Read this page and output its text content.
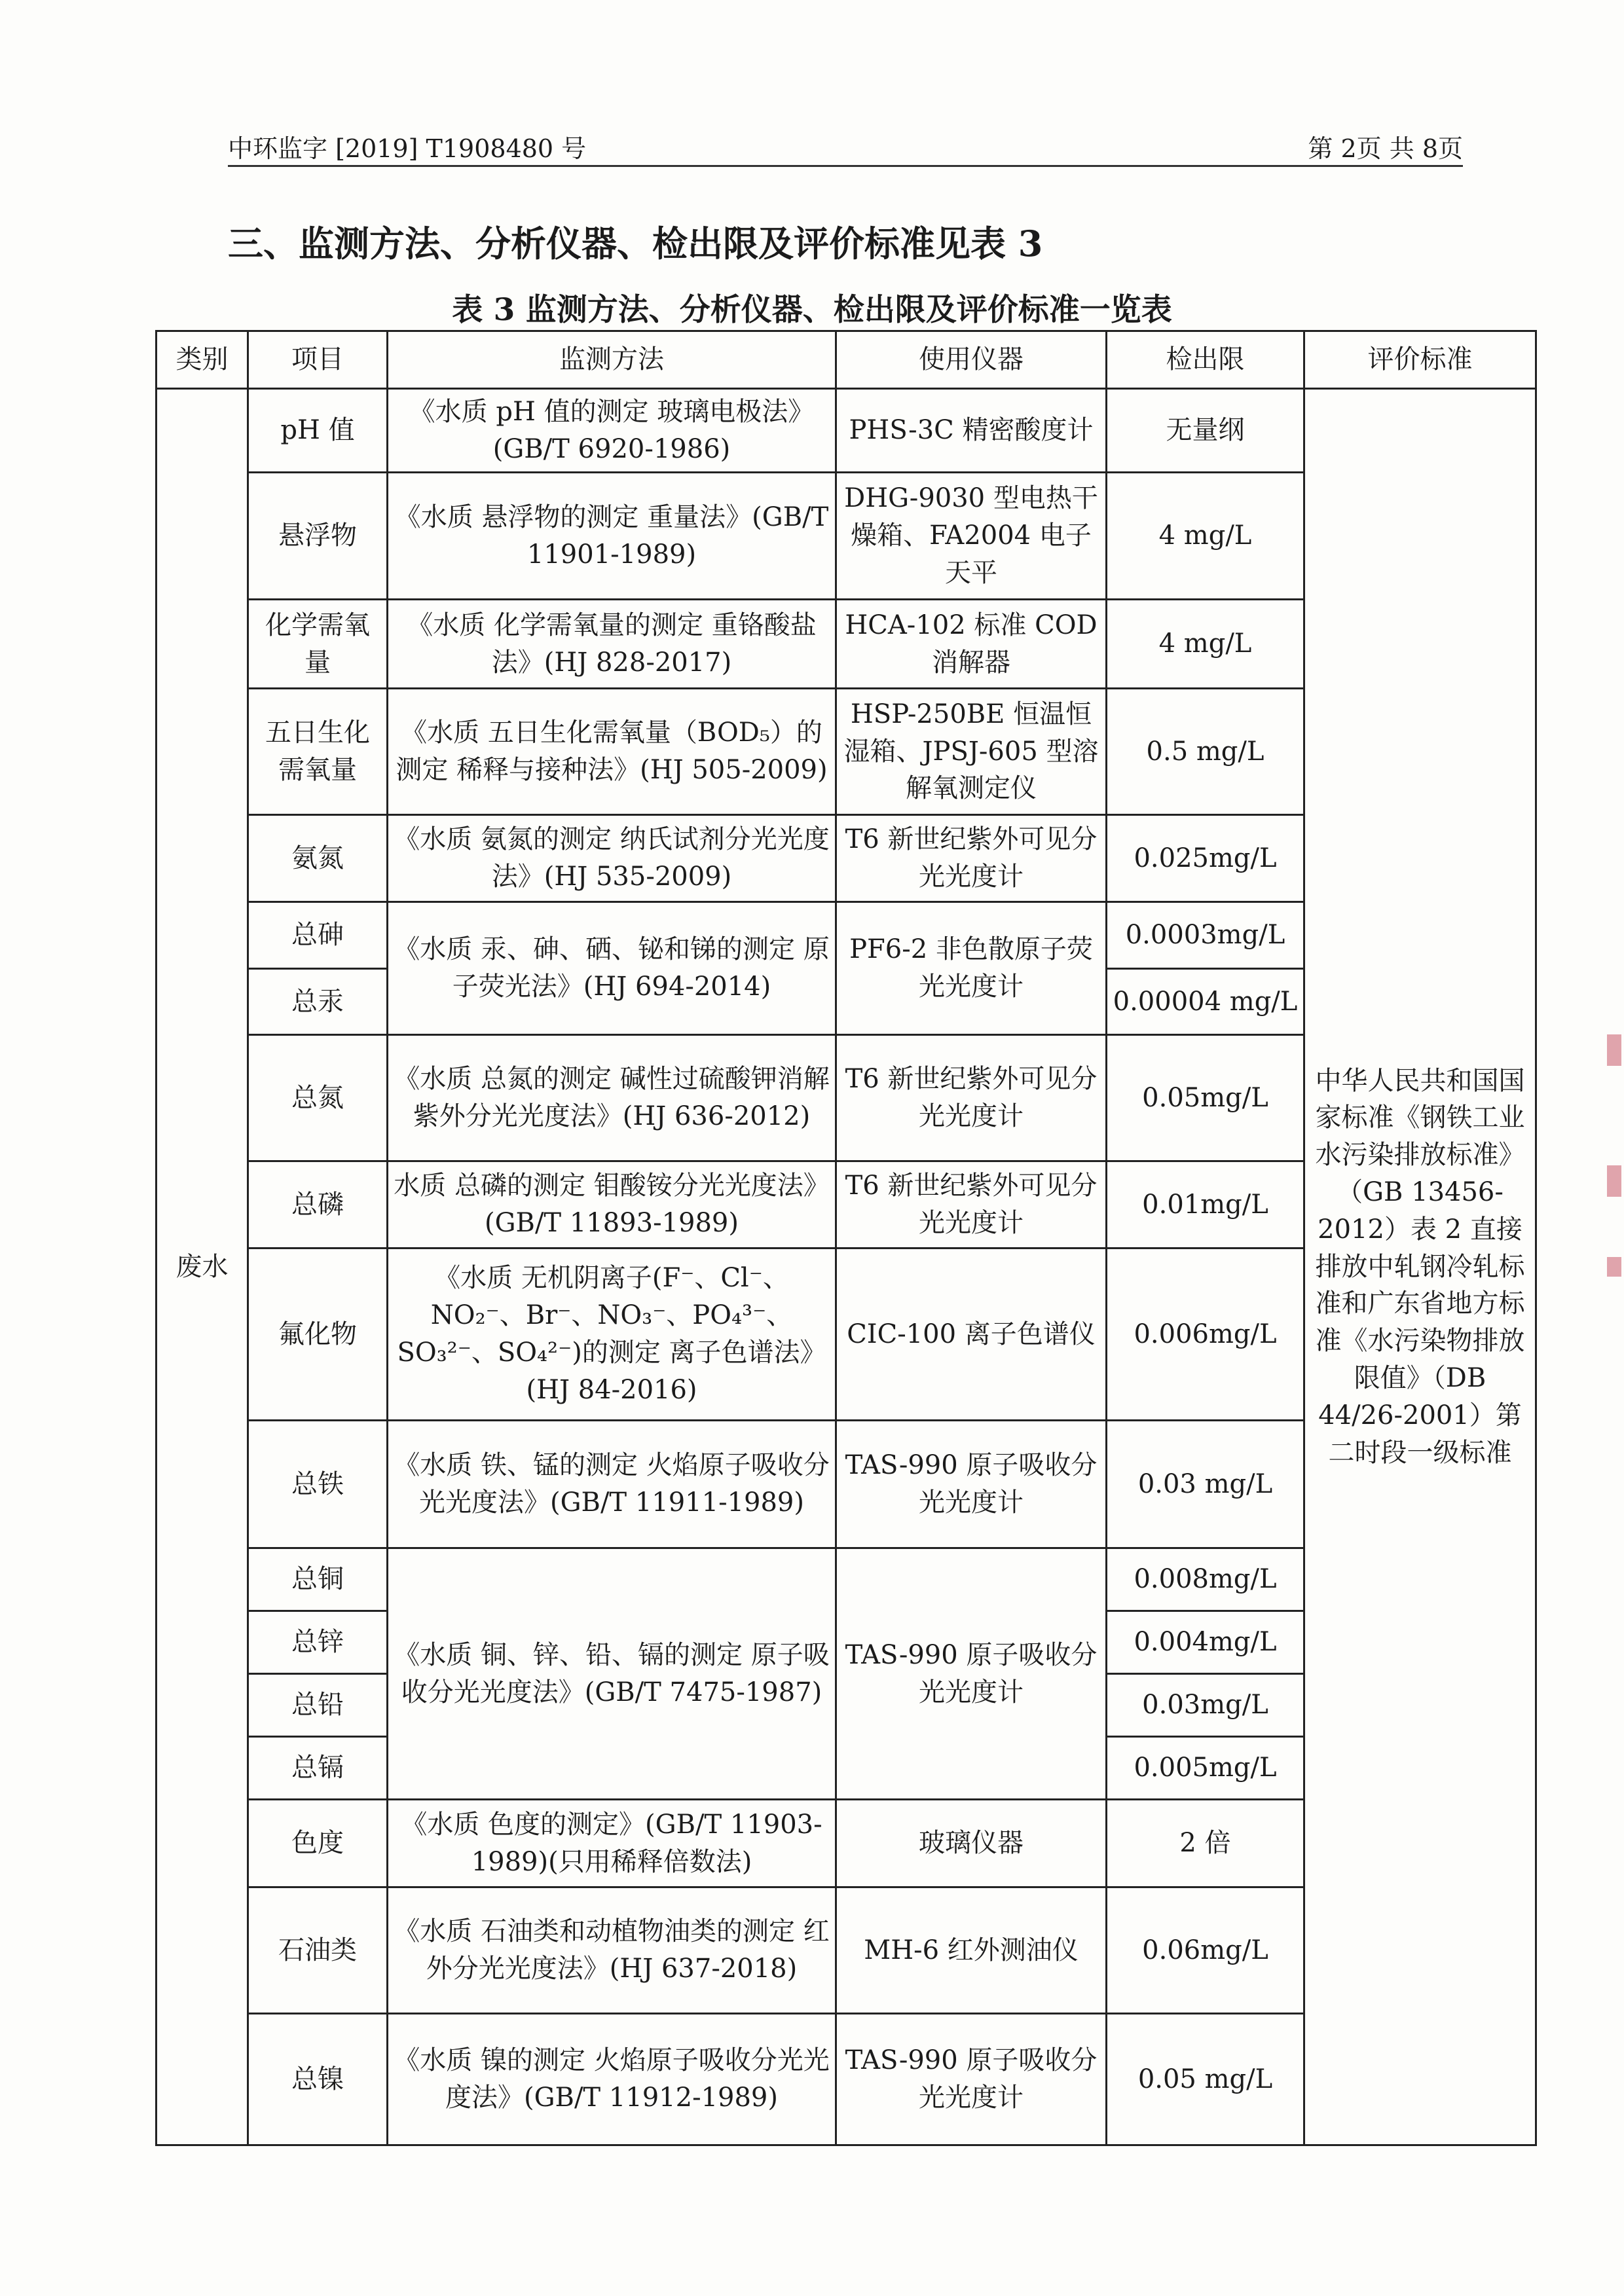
中环监字 [2019] T1908480 号	第 2页 共 8页
三、监测方法、分析仪器、检出限及评价标准见表 3
表 3 监测方法、分析仪器、检出限及评价标准一览表
类别	项目	监测方法	使用仪器	检出限	评价标准
废水	pH 值	《水质 pH 值的测定 玻璃电极法》(GB/T 6920-1986)	PHS-3C 精密酸度计	无量纲	中华人民共和国国家标准《钢铁工业水污染排放标准》（GB 13456-2012）表 2 直接排放中轧钢冷轧标准和广东省地方标准《水污染物排放限值》（DB 44/26-2001）第二时段一级标准
	悬浮物	《水质 悬浮物的测定 重量法》(GB/T 11901-1989)	DHG-9030 型电热干燥箱、FA2004 电子天平	4 mg/L	
	化学需氧量	《水质 化学需氧量的测定 重铬酸盐法》(HJ 828-2017)	HCA-102 标准 COD 消解器	4 mg/L	
	五日生化需氧量	《水质 五日生化需氧量（BOD₅）的测定 稀释与接种法》(HJ 505-2009)	HSP-250BE 恒温恒湿箱、JPSJ-605 型溶解氧测定仪	0.5 mg/L	
	氨氮	《水质 氨氮的测定 纳氏试剂分光光度法》(HJ 535-2009)	T6 新世纪紫外可见分光光度计	0.025mg/L	
	总砷	《水质 汞、砷、硒、铋和锑的测定 原子荧光法》(HJ 694-2014)	PF6-2 非色散原子荧光光度计	0.0003mg/L	
	总汞			0.00004 mg/L	
	总氮	《水质 总氮的测定 碱性过硫酸钾消解紫外分光光度法》(HJ 636-2012)	T6 新世纪紫外可见分光光度计	0.05mg/L	
	总磷	水质 总磷的测定 钼酸铵分光光度法》(GB/T 11893-1989)	T6 新世纪紫外可见分光光度计	0.01mg/L	
	氟化物	《水质 无机阴离子(F⁻、Cl⁻、NO₂⁻、Br⁻、NO₃⁻、PO₄³⁻、SO₃²⁻、SO₄²⁻)的测定 离子色谱法》(HJ 84-2016)	CIC-100 离子色谱仪	0.006mg/L	
	总铁	《水质 铁、锰的测定 火焰原子吸收分光光度法》(GB/T 11911-1989)	TAS-990 原子吸收分光光度计	0.03 mg/L	
	总铜	《水质 铜、锌、铅、镉的测定 原子吸收分光光度法》(GB/T 7475-1987)	TAS-990 原子吸收分光光度计	0.008mg/L	
	总锌			0.004mg/L	
	总铅			0.03mg/L	
	总镉			0.005mg/L	
	色度	《水质 色度的测定》(GB/T 11903-1989)(只用稀释倍数法)	玻璃仪器	2 倍	
	石油类	《水质 石油类和动植物油类的测定 红外分光光度法》(HJ 637-2018)	MH-6 红外测油仪	0.06mg/L	
	总镍	《水质 镍的测定 火焰原子吸收分光光度法》(GB/T 11912-1989)	TAS-990 原子吸收分光光度计	0.05 mg/L	
